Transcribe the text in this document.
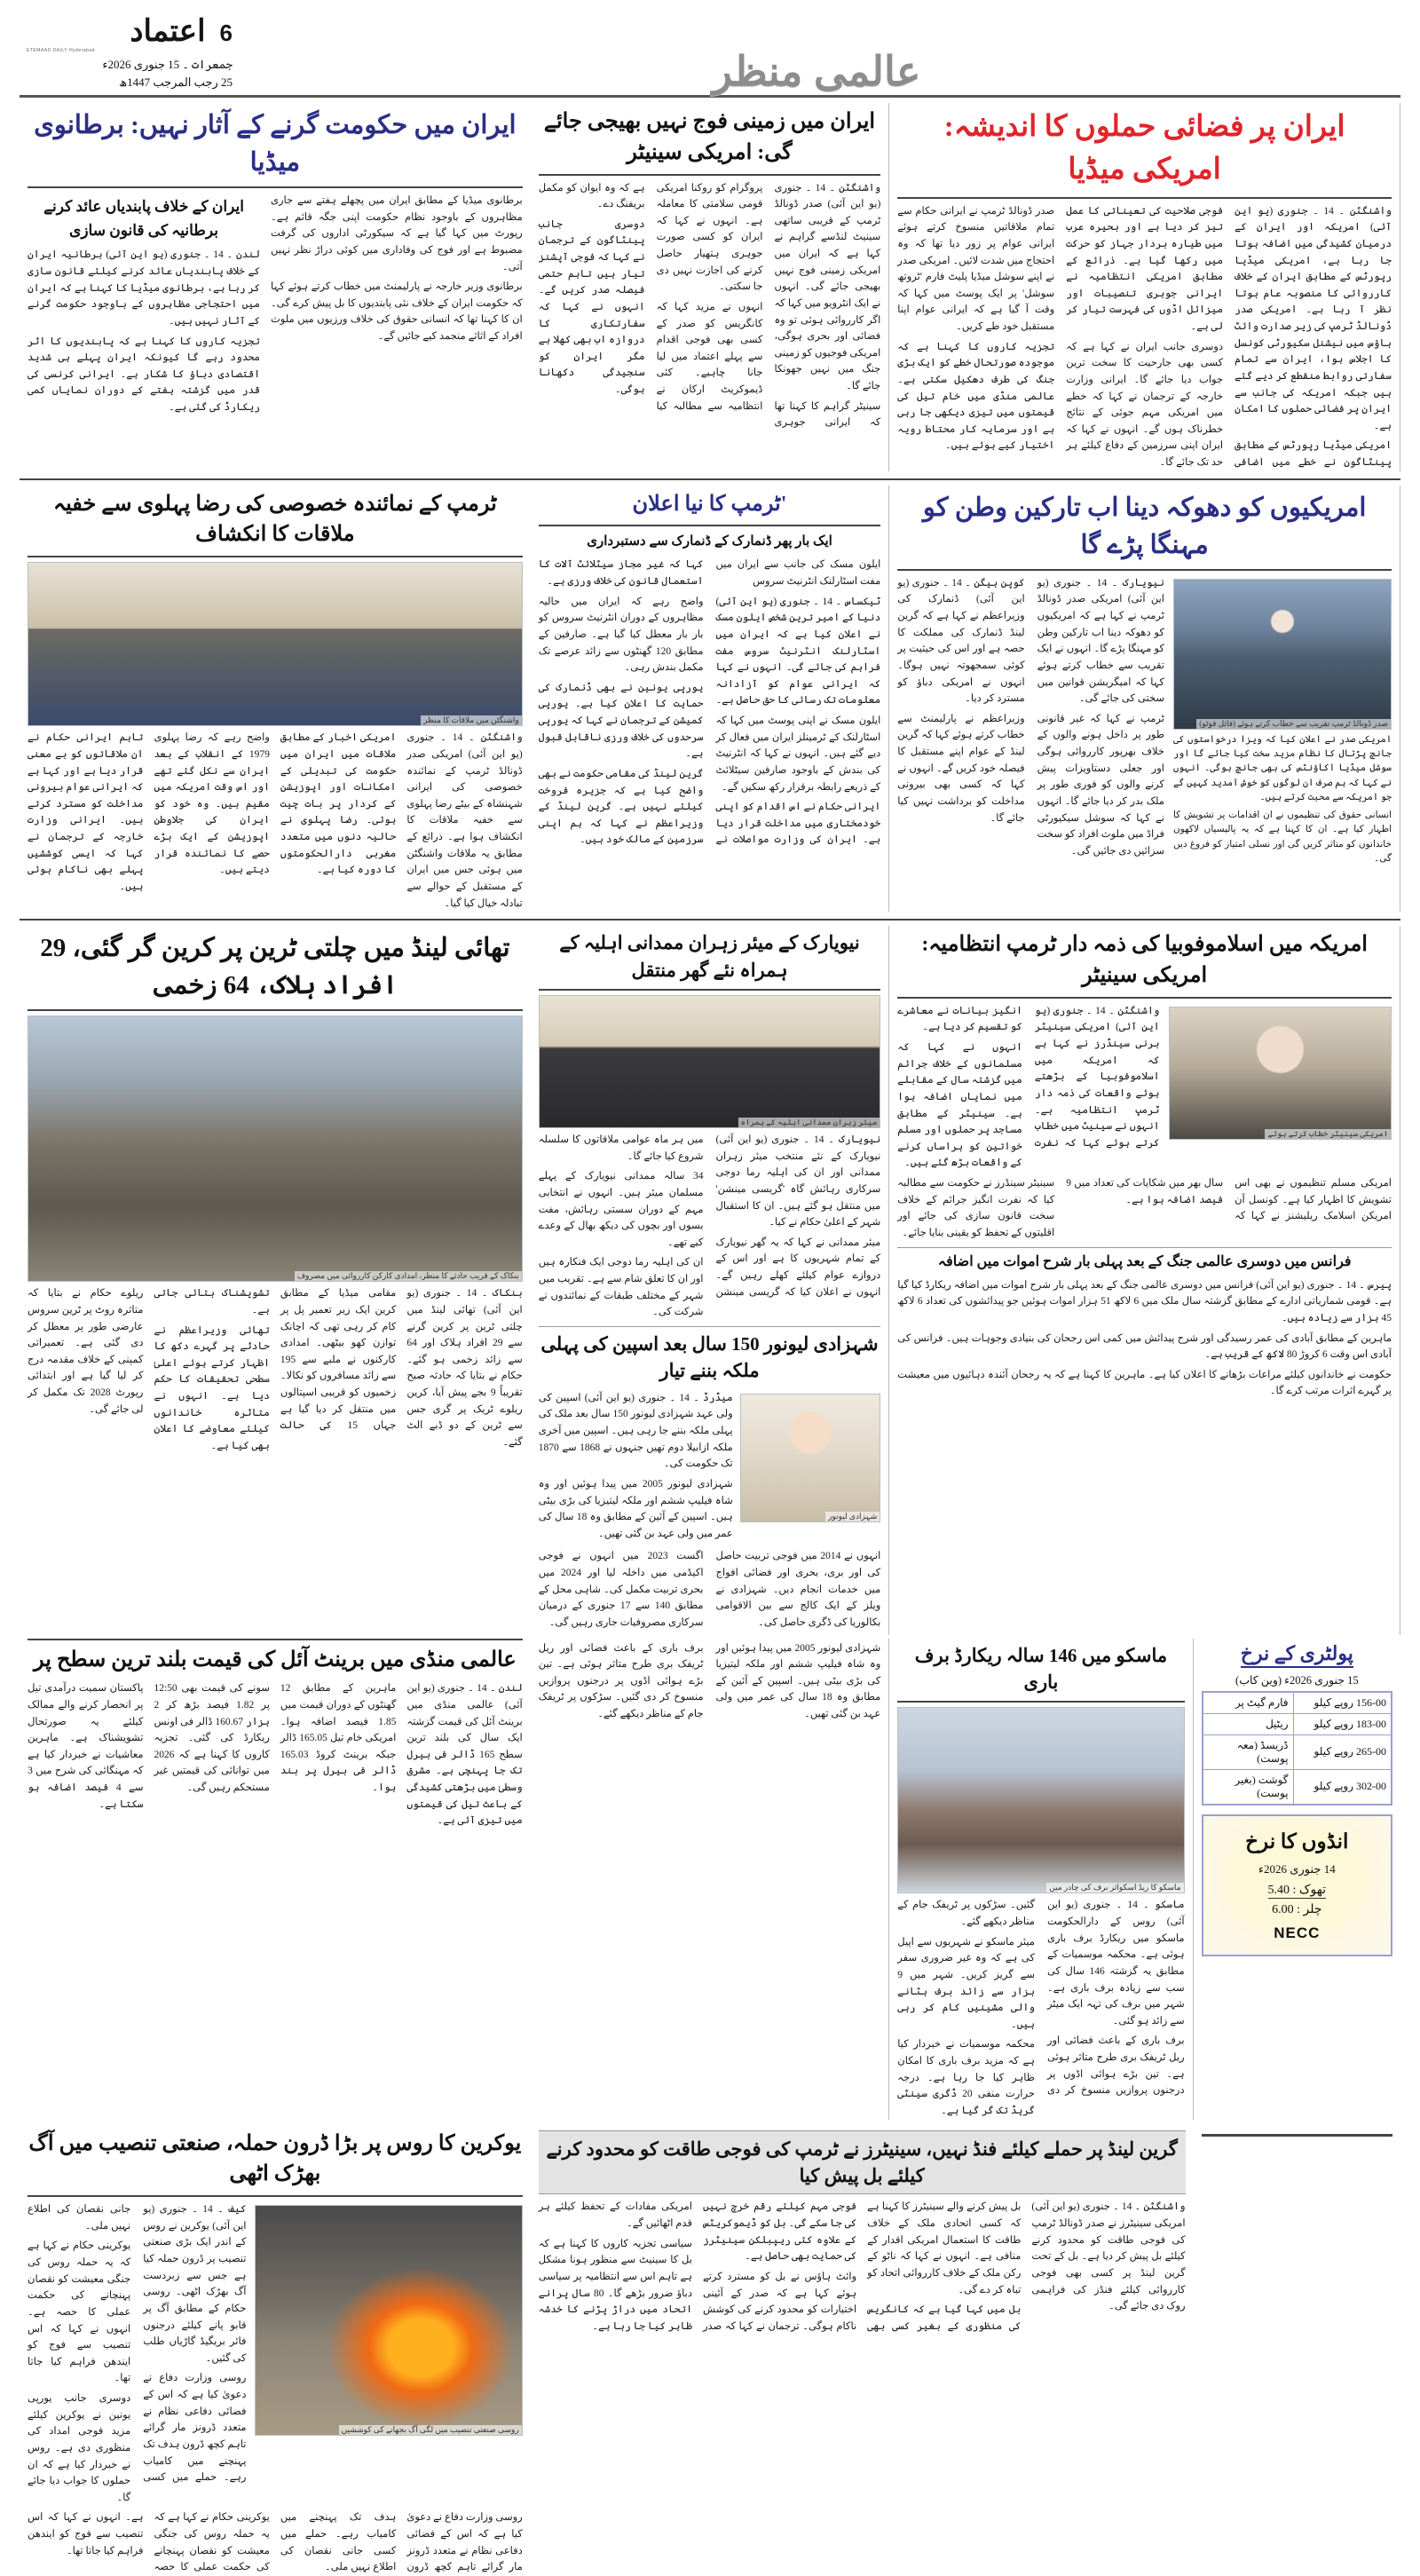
اعتماد 6
ETEMAAD DAILY Hyderabad
جمعرات ۔ 15 جنوری 2026ء
25 رجب المرجب 1447ھ	عالمی منظر
ایران پر فضائی حملوں کا اندیشہ: امریکی میڈیا

واشنگٹن ۔ 14 ۔ جنوری (یو این آئی) امریکہ اور ایران کے درمیان کشیدگی میں اضافہ ہوتا جا رہا ہے، امریکی میڈیا رپورٹس کے مطابق ایران کے خلاف کارروائی کا منصوبہ عام ہوتا نظر آ رہا ہے۔ امریکی صدر ڈونالڈ ٹرمپ کی زیر صدارت وائٹ ہاؤس میں نیشنل سکیورٹی کونسل کا اجلاس ہوا، ایران سے تمام سفارتی روابط منقطع کر دیے گئے ہیں جبکہ امریکہ کی جانب سے ایران پر فضائی حملوں کا امکان ہے۔

امریکی میڈیا رپورٹس کے مطابق پینٹاگون نے خطے میں اضافی فوجی صلاحیت کی تعیناتی کا عمل تیز کر دیا ہے اور بحیرہ عرب میں طیارہ بردار جہاز کو حرکت میں رکھا گیا ہے۔ ذرائع کے مطابق امریکی انتظامیہ نے ایرانی جوہری تنصیبات اور میزائل اڈوں کی فہرست تیار کر لی ہے۔

دوسری جانب ایران نے کہا ہے کہ کسی بھی جارحیت کا سخت ترین جواب دیا جائے گا۔ ایرانی وزارت خارجہ کے ترجمان نے کہا کہ خطے میں امریکی مہم جوئی کے نتائج خطرناک ہوں گے۔ انہوں نے کہا کہ ایران اپنی سرزمین کے دفاع کیلئے ہر حد تک جائے گا۔

صدر ڈونالڈ ٹرمپ نے ایرانی حکام سے تمام ملاقاتیں منسوخ کرتے ہوئے ایرانی عوام پر زور دیا تھا کہ وہ احتجاج میں شدت لائیں۔ امریکی صدر نے اپنے سوشل میڈیا پلیٹ فارم 'ٹروتھ سوشل' پر ایک پوسٹ میں کہا کہ وقت آ گیا ہے کہ ایرانی عوام اپنا مستقبل خود طے کریں۔

تجزیہ کاروں کا کہنا ہے کہ موجودہ صورتحال خطے کو ایک بڑی جنگ کی طرف دھکیل سکتی ہے۔ عالمی منڈی میں خام تیل کی قیمتوں میں تیزی دیکھی جا رہی ہے اور سرمایہ کار محتاط رویہ اختیار کیے ہوئے ہیں۔

ایران میں زمینی فوج نہیں بھیجی جائے گی: امریکی سینیٹر

واشنگٹن ۔ 14 ۔ جنوری (یو این آئی) صدر ڈونالڈ ٹرمپ کے قریبی ساتھی سینیٹ لنڈسے گراہم نے کہا ہے کہ ایران میں امریکی زمینی فوج نہیں بھیجی جائے گی۔ انہوں نے ایک انٹرویو میں کہا کہ اگر کارروائی ہوئی تو وہ فضائی اور بحری ہوگی، امریکی فوجیوں کو زمینی جنگ میں نہیں جھونکا جائے گا۔

سینیٹر گراہم کا کہنا تھا کہ ایرانی جوہری پروگرام کو روکنا امریکی قومی سلامتی کا معاملہ ہے۔ انہوں نے کہا کہ ایران کو کسی صورت جوہری ہتھیار حاصل کرنے کی اجازت نہیں دی جا سکتی۔

انہوں نے مزید کہا کہ کانگریس کو صدر کے کسی بھی فوجی اقدام سے پہلے اعتماد میں لیا جانا چاہیے۔ کئی ڈیموکریٹ ارکان نے انتظامیہ سے مطالبہ کیا ہے کہ وہ ایوان کو مکمل بریفنگ دے۔

دوسری جانب پینٹاگون کے ترجمان نے کہا کہ فوجی آپشنز تیار ہیں تاہم حتمی فیصلہ صدر کریں گے۔ انہوں نے کہا کہ سفارتکاری کا دروازہ اب بھی کھلا ہے مگر ایران کو سنجیدگی دکھانا ہوگی۔

ایران میں حکومت گرنے کے آثار نہیں: برطانوی میڈیا

برطانوی میڈیا کے مطابق ایران میں پچھلے ہفتے سے جاری مظاہروں کے باوجود نظام حکومت اپنی جگہ قائم ہے۔ رپورٹ میں کہا گیا ہے کہ سیکورٹی اداروں کی گرفت مضبوط ہے اور فوج کی وفاداری میں کوئی دراڑ نظر نہیں آتی۔

برطانوی وزیر خارجہ نے پارلیمنٹ میں خطاب کرتے ہوئے کہا کہ حکومت ایران کے خلاف نئی پابندیوں کا بل پیش کرے گی۔ ان کا کہنا تھا کہ انسانی حقوق کی خلاف ورزیوں میں ملوث افراد کے اثاثے منجمد کیے جائیں گے۔

ایران کے خلاف پابندیاں عائد کرنے برطانیہ کی قانون سازی

لندن ۔ 14 ۔ جنوری (یو این آئی) برطانیہ ایران کے خلاف پابندیاں عائد کرنے کیلئے قانون سازی کر رہا ہے، برطانوی میڈیا کا کہنا ہے کہ ایران میں احتجاجی مظاہروں کے باوجود حکومت گرنے کے آثار نہیں ہیں۔

تجزیہ کاروں کا کہنا ہے کہ پابندیوں کا اثر محدود رہے گا کیونکہ ایران پہلے ہی شدید اقتصادی دباؤ کا شکار ہے۔ ایرانی کرنسی کی قدر میں گزشتہ ہفتے کے دوران نمایاں کمی ریکارڈ کی گئی ہے۔

امریکیوں کو دھوکہ دینا اب تارکین وطن کو مہنگا پڑے گا
صدر ڈونالڈ ٹرمپ تقریب سے خطاب کرتے ہوئے (فائل فوٹو)

امریکی صدر نے اعلان کیا کہ ویزا درخواستوں کی جانچ پڑتال کا نظام مزید سخت کیا جائے گا اور سوشل میڈیا اکاؤنٹس کی بھی جانچ ہوگی۔ انہوں نے کہا کہ ہم صرف ان لوگوں کو خوش آمدید کہیں گے جو امریکہ سے محبت کرتے ہیں۔

انسانی حقوق کی تنظیموں نے ان اقدامات پر تشویش کا اظہار کیا ہے۔ ان کا کہنا ہے کہ یہ پالیسیاں لاکھوں خاندانوں کو متاثر کریں گی اور نسلی امتیاز کو فروغ دیں گی۔

نیویارک ۔ 14 ۔ جنوری (یو این آئی) امریکی صدر ڈونالڈ ٹرمپ نے کہا ہے کہ امریکیوں کو دھوکہ دینا اب تارکین وطن کو مہنگا پڑے گا۔ انہوں نے ایک تقریب سے خطاب کرتے ہوئے کہا کہ امیگریشن قوانین میں سختی کی جائے گی۔

ٹرمپ نے کہا کہ غیر قانونی طور پر داخل ہونے والوں کے خلاف بھرپور کارروائی ہوگی اور جعلی دستاویزات پیش کرنے والوں کو فوری طور پر ملک بدر کر دیا جائے گا۔ انہوں نے کہا کہ سوشل سیکیورٹی فراڈ میں ملوث افراد کو سخت سزائیں دی جائیں گی۔

کوپن ہیگن ۔ 14 ۔ جنوری (یو این آئی) ڈنمارک کی وزیراعظم نے کہا ہے کہ گرین لینڈ ڈنمارک کی مملکت کا حصہ ہے اور اس کی حیثیت پر کوئی سمجھوتہ نہیں ہوگا۔ انہوں نے امریکی دباؤ کو مسترد کر دیا۔

وزیراعظم نے پارلیمنٹ سے خطاب کرتے ہوئے کہا کہ گرین لینڈ کے عوام اپنے مستقبل کا فیصلہ خود کریں گے۔ انہوں نے کہا کہ کسی بھی بیرونی مداخلت کو برداشت نہیں کیا جائے گا۔

'ٹرمپ کا نیا اعلان
ایک بار پھر ڈنمارک کے ڈنمارک سے دستبرداری

ایلون مسک کی جانب سے ایران میں مفت اسٹارلنک انٹرنیٹ سروس

ٹیکساس ۔ 14 ۔ جنوری (یو این آئی) دنیا کے امیر ترین شخص ایلون مسک نے اعلان کیا ہے کہ ایران میں اسٹارلنک انٹرنیٹ سروس مفت فراہم کی جائے گی۔ انہوں نے کہا کہ ایرانی عوام کو آزادانہ معلومات تک رسائی کا حق حاصل ہے۔

ایلون مسک نے اپنی پوسٹ میں کہا کہ اسٹارلنک کے ٹرمینلز ایران میں فعال کر دیے گئے ہیں۔ انہوں نے کہا کہ انٹرنیٹ کی بندش کے باوجود صارفین سیٹلائٹ کے ذریعے رابطہ برقرار رکھ سکیں گے۔

ایرانی حکام نے اس اقدام کو اپنی خودمختاری میں مداخلت قرار دیا ہے۔ ایران کی وزارت مواصلات نے کہا کہ غیر مجاز سیٹلائٹ آلات کا استعمال قانون کی خلاف ورزی ہے۔

واضح رہے کہ ایران میں حالیہ مظاہروں کے دوران انٹرنیٹ سروس کو بار بار معطل کیا گیا ہے۔ صارفین کے مطابق 120 گھنٹوں سے زائد عرصے تک مکمل بندش رہی۔

یورپی یونین نے بھی ڈنمارک کی حمایت کا اعلان کیا ہے۔ یورپی کمیشن کے ترجمان نے کہا کہ یورپی سرحدوں کی خلاف ورزی ناقابل قبول ہے۔

گرین لینڈ کی مقامی حکومت نے بھی واضح کیا ہے کہ جزیرہ فروخت کیلئے نہیں ہے۔ گرین لینڈ کے وزیراعظم نے کہا کہ ہم اپنی سرزمین کے مالک خود ہیں۔

ٹرمپ کے نمائندہ خصوصی کی رضا پہلوی سے خفیہ ملاقات کا انکشاف
واشنگٹن میں ملاقات کا منظر

واشنگٹن ۔ 14 ۔ جنوری (یو این آئی) امریکی صدر ڈونالڈ ٹرمپ کے نمائندہ خصوصی کی ایرانی شہنشاہ کے بیٹے رضا پہلوی سے خفیہ ملاقات کا انکشاف ہوا ہے۔ ذرائع کے مطابق یہ ملاقات واشنگٹن میں ہوئی جس میں ایران کے مستقبل کے حوالے سے تبادلہ خیال کیا گیا۔

امریکی اخبار کے مطابق ملاقات میں ایران میں حکومت کی تبدیلی کے امکانات اور اپوزیشن کے کردار پر بات چیت ہوئی۔ رضا پہلوی نے حالیہ دنوں میں متعدد مغربی دارالحکومتوں کا دورہ کیا ہے۔

واضح رہے کہ رضا پہلوی 1979 کے انقلاب کے بعد ایران سے نکل گئے تھے اور اس وقت امریکہ میں مقیم ہیں۔ وہ خود کو ایران کی جلاوطن اپوزیشن کے ایک بڑے حصے کا نمائندہ قرار دیتے ہیں۔

تاہم ایرانی حکام نے ان ملاقاتوں کو بے معنی قرار دیا ہے اور کہا ہے کہ ایرانی عوام بیرونی مداخلت کو مسترد کرتے ہیں۔ ایرانی وزارت خارجہ کے ترجمان نے کہا کہ ایسی کوششیں پہلے بھی ناکام ہوئی ہیں۔

امریکہ میں اسلاموفوبیا کی ذمہ دار ٹرمپ انتظامیہ: امریکی سینیٹر
امریکی سینیٹر خطاب کرتے ہوئے

واشنگٹن ۔ 14 ۔ جنوری (یو این آئی) امریکی سینیٹر برنی سینڈرز نے کہا ہے کہ امریکہ میں اسلاموفوبیا کے بڑھتے ہوئے واقعات کی ذمہ دار ٹرمپ انتظامیہ ہے۔ انہوں نے سینیٹ میں خطاب کرتے ہوئے کہا کہ نفرت انگیز بیانات نے معاشرے کو تقسیم کر دیا ہے۔

انہوں نے کہا کہ مسلمانوں کے خلاف جرائم میں گزشتہ سال کے مقابلے میں نمایاں اضافہ ہوا ہے۔ سینیٹر کے مطابق مساجد پر حملوں اور مسلم خواتین کو ہراساں کرنے کے واقعات بڑھ گئے ہیں۔

امریکی مسلم تنظیموں نے بھی اس تشویش کا اظہار کیا ہے۔ کونسل آن امریکن اسلامک ریلیشنز نے کہا کہ سال بھر میں شکایات کی تعداد میں 9 فیصد اضافہ ہوا ہے۔

سینیٹر سینڈرز نے حکومت سے مطالبہ کیا کہ نفرت انگیز جرائم کے خلاف سخت قانون سازی کی جائے اور اقلیتوں کے تحفظ کو یقینی بنایا جائے۔

فرانس میں دوسری عالمی جنگ کے بعد پہلی بار شرح اموات میں اضافہ

پیرس ۔ 14 ۔ جنوری (یو این آئی) فرانس میں دوسری عالمی جنگ کے بعد پہلی بار شرح اموات میں اضافہ ریکارڈ کیا گیا ہے۔ قومی شماریاتی ادارے کے مطابق گزشتہ سال ملک میں 6 لاکھ 51 ہزار اموات ہوئیں جو پیدائشوں کی تعداد 6 لاکھ 45 ہزار سے زیادہ ہیں۔

ماہرین کے مطابق آبادی کی عمر رسیدگی اور شرح پیدائش میں کمی اس رجحان کی بنیادی وجوہات ہیں۔ فرانس کی آبادی اس وقت 6 کروڑ 80 لاکھ کے قریب ہے۔

حکومت نے خاندانوں کیلئے مراعات بڑھانے کا اعلان کیا ہے۔ ماہرین کا کہنا ہے کہ یہ رجحان آئندہ دہائیوں میں معیشت پر گہرے اثرات مرتب کرے گا۔

نیویارک کے میئر زہران ممدانی اہلیہ کے ہمراہ نئے گھر منتقل
میئر زہران ممدانی اہلیہ کے ہمراہ

نیویارک ۔ 14 ۔ جنوری (یو این آئی) نیویارک کے نئے منتخب میئر زہران ممدانی اور ان کی اہلیہ رما دوجی سرکاری رہائش گاہ 'گریسی مینشن' میں منتقل ہو گئے ہیں۔ ان کا استقبال شہر کے اعلیٰ حکام نے کیا۔

میئر ممدانی نے کہا کہ یہ گھر نیویارک کے تمام شہریوں کا ہے اور اس کے دروازے عوام کیلئے کھلے رہیں گے۔ انہوں نے اعلان کیا کہ گریسی مینشن میں ہر ماہ عوامی ملاقاتوں کا سلسلہ شروع کیا جائے گا۔

34 سالہ ممدانی نیویارک کے پہلے مسلمان میئر ہیں۔ انہوں نے انتخابی مہم کے دوران سستی رہائش، مفت بسوں اور بچوں کی دیکھ بھال کے وعدے کیے تھے۔

ان کی اہلیہ رما دوجی ایک فنکارہ ہیں اور ان کا تعلق شام سے ہے۔ تقریب میں شہر کے مختلف طبقات کے نمائندوں نے شرکت کی۔

شہزادی لیونور 150 سال بعد اسپین کی پہلی ملکہ بننے تیار
شہزادی لیونور

میڈرڈ ۔ 14 ۔ جنوری (یو این آئی) اسپین کی ولی عہد شہزادی لیونور 150 سال بعد ملک کی پہلی ملکہ بننے جا رہی ہیں۔ اسپین میں آخری ملکہ ازابیلا دوم تھیں جنہوں نے 1868 سے 1870 تک حکومت کی۔

شہزادی لیونور 2005 میں پیدا ہوئیں اور وہ شاہ فیلیپ ششم اور ملکہ لیتیزیا کی بڑی بیٹی ہیں۔ اسپین کے آئین کے مطابق وہ 18 سال کی عمر میں ولی عہد بن گئی تھیں۔

انہوں نے 2014 میں فوجی تربیت حاصل کی اور بری، بحری اور فضائی افواج میں خدمات انجام دیں۔ شہزادی نے ویلز کے ایک کالج سے بین الاقوامی بکالوریا کی ڈگری حاصل کی۔

اگست 2023 میں انہوں نے فوجی اکیڈمی میں داخلہ لیا اور 2024 میں بحری تربیت مکمل کی۔ شاہی محل کے مطابق 140 سے 17 جنوری کے درمیان سرکاری مصروفیات جاری رہیں گی۔

تھائی لینڈ میں چلتی ٹرین پر کرین گر گئی، 29 افراد ہلاک، 64 زخمی
بنکاک کے قریب حادثے کا منظر، امدادی کارکن کارروائی میں مصروف

بنکاک ۔ 14 ۔ جنوری (یو این آئی) تھائی لینڈ میں چلتی ٹرین پر کرین گرنے سے 29 افراد ہلاک اور 64 سے زائد زخمی ہو گئے۔ حکام نے بتایا کہ حادثہ صبح تقریباً 9 بجے پیش آیا، کرین ریلوے ٹریک پر گری جس سے ٹرین کے دو ڈبے الٹ گئے۔

مقامی میڈیا کے مطابق کرین ایک زیر تعمیر پل پر کام کر رہی تھی کہ اچانک توازن کھو بیٹھی۔ امدادی کارکنوں نے ملبے سے 195 سے زائد مسافروں کو نکالا۔ زخمیوں کو قریبی اسپتالوں میں منتقل کر دیا گیا ہے جہاں 15 کی حالت تشویشناک بتائی جاتی ہے۔

تھائی وزیراعظم نے حادثے پر گہرے دکھ کا اظہار کرتے ہوئے اعلیٰ سطحی تحقیقات کا حکم دیا ہے۔ انہوں نے متاثرہ خاندانوں کیلئے معاوضے کا اعلان بھی کیا ہے۔

ریلوے حکام نے بتایا کہ متاثرہ روٹ پر ٹرین سروس عارضی طور پر معطل کر دی گئی ہے۔ تعمیراتی کمپنی کے خلاف مقدمہ درج کر لیا گیا ہے اور ابتدائی رپورٹ 2028 تک مکمل کر لی جائے گی۔

پولٹری کے نرخ
15 جنوری 2026ء (وین کاب)
156-00 روپے کیلو	فارم گیٹ پر
183-00 روپے کیلو	ریٹیل
265-00 روپے کیلو	ڈریسڈ (معہ پوست)
302-00 روپے کیلو	گوشت (بغیر پوست)
انڈوں کا نرخ
14 جنوری 2026ء
تھوک : 5.40
چلر : 6.00
NECC
ماسکو میں 146 سالہ ریکارڈ برف باری
ماسکو کا ریڈ اسکوائر برف کی چادر میں

ماسکو ۔ 14 ۔ جنوری (یو این آئی) روس کے دارالحکومت ماسکو میں ریکارڈ برف باری ہوئی ہے۔ محکمہ موسمیات کے مطابق یہ گزشتہ 146 سال کی سب سے زیادہ برف باری ہے۔ شہر میں برف کی تہہ ایک میٹر سے زائد ہو گئی۔

برف باری کے باعث فضائی اور ریل ٹریفک بری طرح متاثر ہوئی ہے۔ تین بڑے ہوائی اڈوں پر درجنوں پروازیں منسوخ کر دی گئیں۔ سڑکوں پر ٹریفک جام کے مناظر دیکھے گئے۔

میئر ماسکو نے شہریوں سے اپیل کی ہے کہ وہ غیر ضروری سفر سے گریز کریں۔ شہر میں 9 ہزار سے زائد برف ہٹانے والی مشینیں کام کر رہی ہیں۔

محکمہ موسمیات نے خبردار کیا ہے کہ مزید برف باری کا امکان ظاہر کیا جا رہا ہے۔ درجہ حرارت منفی 20 ڈگری سینٹی گریڈ تک گر گیا ہے۔

شہزادی لیونور 2005 میں پیدا ہوئیں اور وہ شاہ فیلیپ ششم اور ملکہ لیتیزیا کی بڑی بیٹی ہیں۔ اسپین کے آئین کے مطابق وہ 18 سال کی عمر میں ولی عہد بن گئی تھیں۔

برف باری کے باعث فضائی اور ریل ٹریفک بری طرح متاثر ہوئی ہے۔ تین بڑے ہوائی اڈوں پر درجنوں پروازیں منسوخ کر دی گئیں۔ سڑکوں پر ٹریفک جام کے مناظر دیکھے گئے۔

عالمی منڈی میں برینٹ آئل کی قیمت بلند ترین سطح پر

لندن ۔ 14 ۔ جنوری (یو این آئی) عالمی منڈی میں برینٹ آئل کی قیمت گزشتہ ایک سال کی بلند ترین سطح 165 ڈالر فی بیرل تک جا پہنچی ہے۔ مشرق وسطیٰ میں بڑھتی کشیدگی کے باعث تیل کی قیمتوں میں تیزی آئی ہے۔

ماہرین کے مطابق 12 گھنٹوں کے دوران قیمت میں 1.85 فیصد اضافہ ہوا۔ امریکی خام تیل 165.05 ڈالر جبکہ برینٹ کروڈ 165.03 ڈالر فی بیرل پر بند ہوا۔

سونے کی قیمت بھی 12:50 پر 1.82 فیصد بڑھ کر 2 ہزار 160.67 ڈالر فی اونس ریکارڈ کی گئی۔ تجزیہ کاروں کا کہنا ہے کہ 2026 میں توانائی کی قیمتیں غیر مستحکم رہیں گی۔

پاکستان سمیت درآمدی تیل پر انحصار کرنے والے ممالک کیلئے یہ صورتحال تشویشناک ہے۔ ماہرین معاشیات نے خبردار کیا ہے کہ مہنگائی کی شرح میں 3 سے 4 فیصد اضافہ ہو سکتا ہے۔

گرین لینڈ پر حملے کیلئے فنڈ نہیں، سینیٹرز نے ٹرمپ کی فوجی طاقت کو محدود کرنے کیلئے بل پیش کیا

واشنگٹن ۔ 14 ۔ جنوری (یو این آئی) امریکی سینیٹرز نے صدر ڈونالڈ ٹرمپ کی فوجی طاقت کو محدود کرنے کیلئے بل پیش کر دیا ہے۔ بل کے تحت گرین لینڈ پر کسی بھی فوجی کارروائی کیلئے فنڈز کی فراہمی روک دی جائے گی۔

بل پیش کرنے والے سینیٹرز کا کہنا ہے کہ کسی اتحادی ملک کے خلاف طاقت کا استعمال امریکی اقدار کے منافی ہے۔ انہوں نے کہا کہ ناٹو کے رکن ملک کے خلاف کارروائی اتحاد کو تباہ کر دے گی۔

بل میں کہا گیا ہے کہ کانگریس کی منظوری کے بغیر کسی بھی فوجی مہم کیلئے رقم خرچ نہیں کی جا سکے گی۔ بل کو ڈیموکریٹس کے علاوہ کئی ریپبلکن سینیٹرز کی حمایت بھی حاصل ہے۔

وائٹ ہاؤس نے بل کو مسترد کرتے ہوئے کہا ہے کہ صدر کے آئینی اختیارات کو محدود کرنے کی کوشش ناکام ہوگی۔ ترجمان نے کہا کہ صدر امریکی مفادات کے تحفظ کیلئے ہر قدم اٹھائیں گے۔

سیاسی تجزیہ کاروں کا کہنا ہے کہ بل کا سینیٹ سے منظور ہونا مشکل ہے تاہم اس سے انتظامیہ پر سیاسی دباؤ ضرور بڑھے گا۔ 80 سال پرانے اتحاد میں دراڑ پڑنے کا خدشہ ظاہر کیا جا رہا ہے۔

یوکرین کا روس پر بڑا ڈرون حملہ، صنعتی تنصیب میں آگ بھڑک اٹھی
روسی صنعتی تنصیب میں لگی آگ بجھانے کی کوششیں

کیف ۔ 14 ۔ جنوری (یو این آئی) یوکرین نے روس کے اندر ایک بڑی صنعتی تنصیب پر ڈرون حملہ کیا ہے جس سے زبردست آگ بھڑک اٹھی۔ روسی حکام کے مطابق آگ پر قابو پانے کیلئے درجنوں فائر بریگیڈ گاڑیاں طلب کی گئیں۔

روسی وزارت دفاع نے دعویٰ کیا ہے کہ اس کے فضائی دفاعی نظام نے متعدد ڈرونز مار گرائے تاہم کچھ ڈرون ہدف تک پہنچنے میں کامیاب رہے۔ حملے میں کسی جانی نقصان کی اطلاع نہیں ملی۔

یوکرینی حکام نے کہا ہے کہ یہ حملہ روس کی جنگی معیشت کو نقصان پہنچانے کی حکمت عملی کا حصہ ہے۔ انہوں نے کہا کہ اس تنصیب سے فوج کو ایندھن فراہم کیا جاتا تھا۔

دوسری جانب یورپی یونین نے یوکرین کیلئے مزید فوجی امداد کی منظوری دی ہے۔ روس نے خبردار کیا ہے کہ ان حملوں کا جواب دیا جائے گا۔

روسی وزارت دفاع نے دعویٰ کیا ہے کہ اس کے فضائی دفاعی نظام نے متعدد ڈرونز مار گرائے تاہم کچھ ڈرون ہدف تک پہنچنے میں کامیاب رہے۔ حملے میں کسی جانی نقصان کی اطلاع نہیں ملی۔

یوکرینی حکام نے کہا ہے کہ یہ حملہ روس کی جنگی معیشت کو نقصان پہنچانے کی حکمت عملی کا حصہ ہے۔ انہوں نے کہا کہ اس تنصیب سے فوج کو ایندھن فراہم کیا جاتا تھا۔
